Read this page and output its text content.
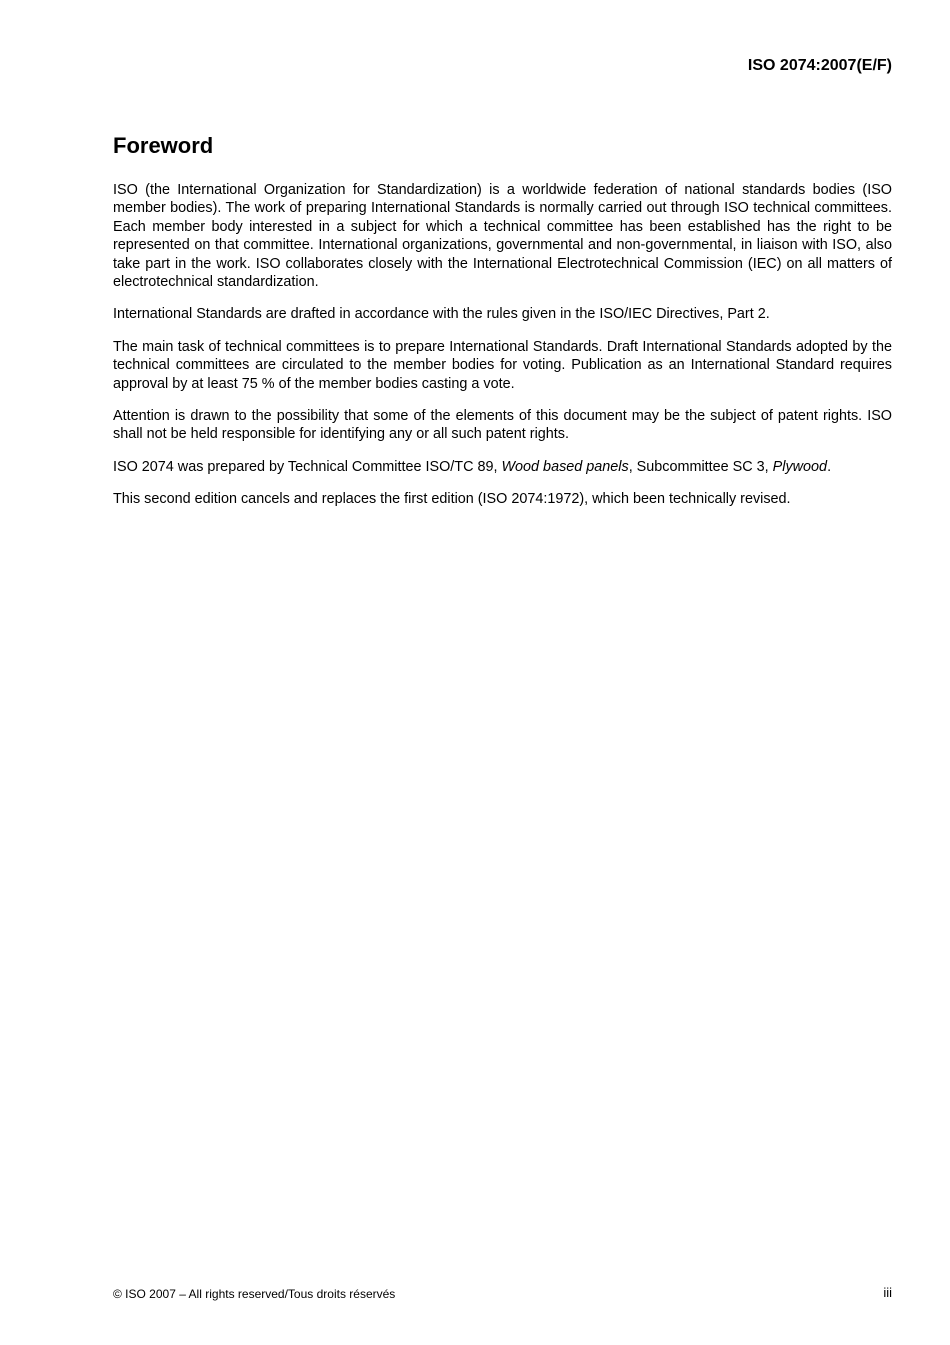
ISO 2074:2007(E/F)
Foreword

ISO (the International Organization for Standardization) is a worldwide federation of national standards bodies (ISO member bodies). The work of preparing International Standards is normally carried out through ISO technical committees. Each member body interested in a subject for which a technical committee has been established has the right to be represented on that committee. International organizations, governmental and non-governmental, in liaison with ISO, also take part in the work. ISO collaborates closely with the International Electrotechnical Commission (IEC) on all matters of electrotechnical standardization.

International Standards are drafted in accordance with the rules given in the ISO/IEC Directives, Part 2.

The main task of technical committees is to prepare International Standards. Draft International Standards adopted by the technical committees are circulated to the member bodies for voting. Publication as an International Standard requires approval by at least 75 % of the member bodies casting a vote.

Attention is drawn to the possibility that some of the elements of this document may be the subject of patent rights. ISO shall not be held responsible for identifying any or all such patent rights.

ISO 2074 was prepared by Technical Committee ISO/TC 89, Wood based panels, Subcommittee SC 3, Plywood.

This second edition cancels and replaces the first edition (ISO 2074:1972), which been technically revised.

© ISO 2007 – All rights reserved/Tous droits réservés	iii
